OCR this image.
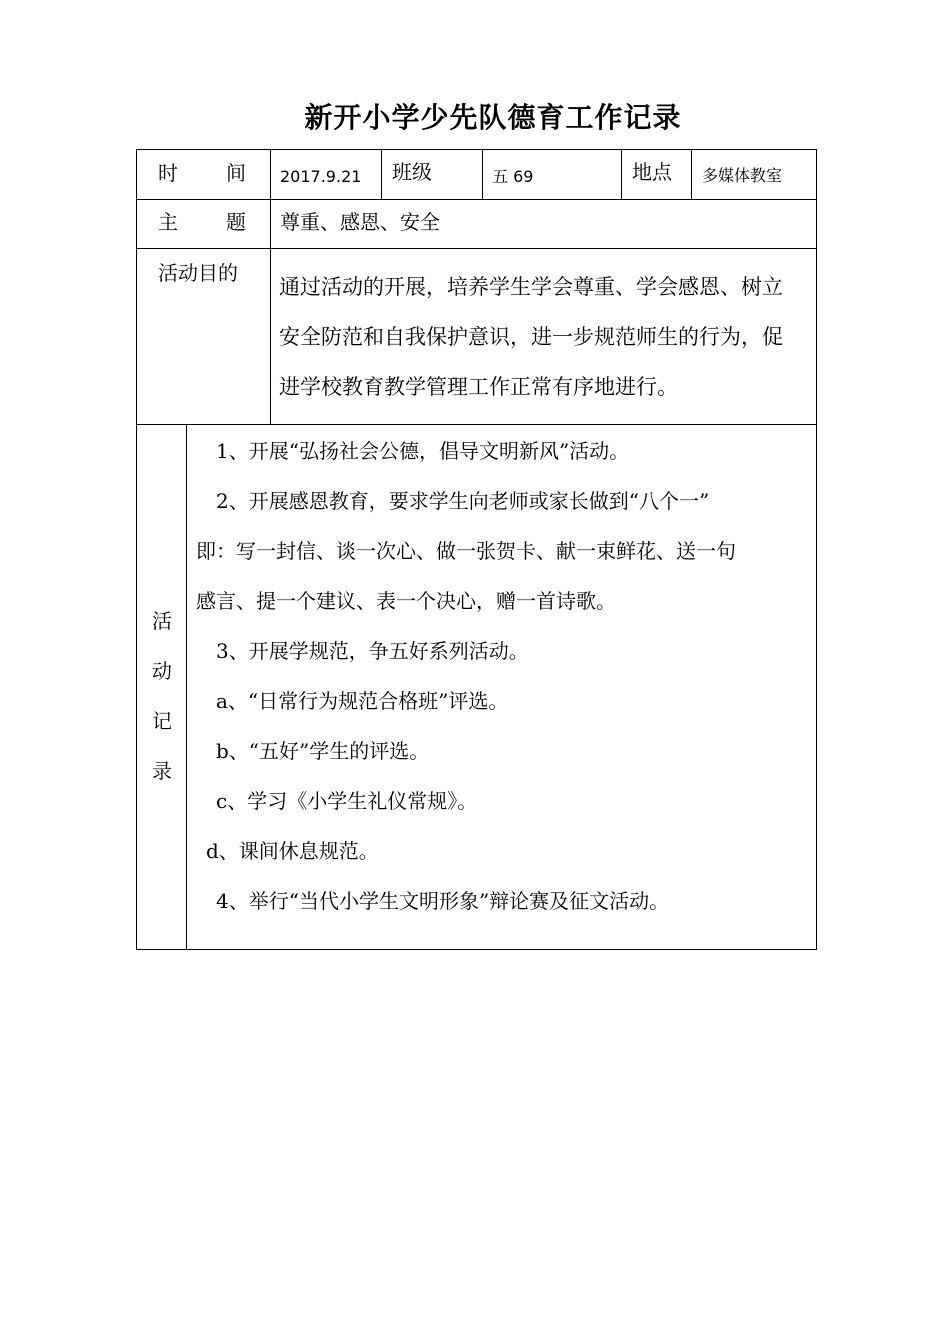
新开小学少先队德育工作记录
时 间 2017.9.21 班级	五 69	地点 多媒体教室
主 题 尊重、感恩、安全
活动目的
通过活动的开展，培养学生学会尊重、学会感恩、树立
安全防范和自我保护意识，进一步规范师生的行为，促
进学校教育教学管理工作正常有序地进行。
活
动
记
录
　1、开展“弘扬社会公德，倡导文明新风”活动。
　2、开展感恩教育，要求学生向老师或家长做到“八个一”
即：写一封信、谈一次心、做一张贺卡、献一束鲜花、送一句
感言、提一个建议、表一个决心，赠一首诗歌。
　3、开展学规范，争五好系列活动。
　a、“日常行为规范合格班”评选。
　b、“五好”学生的评选。
　c、学习《小学生礼仪常规》。
d、课间休息规范。
　4、举行“当代小学生文明形象”辩论赛及征文活动。
